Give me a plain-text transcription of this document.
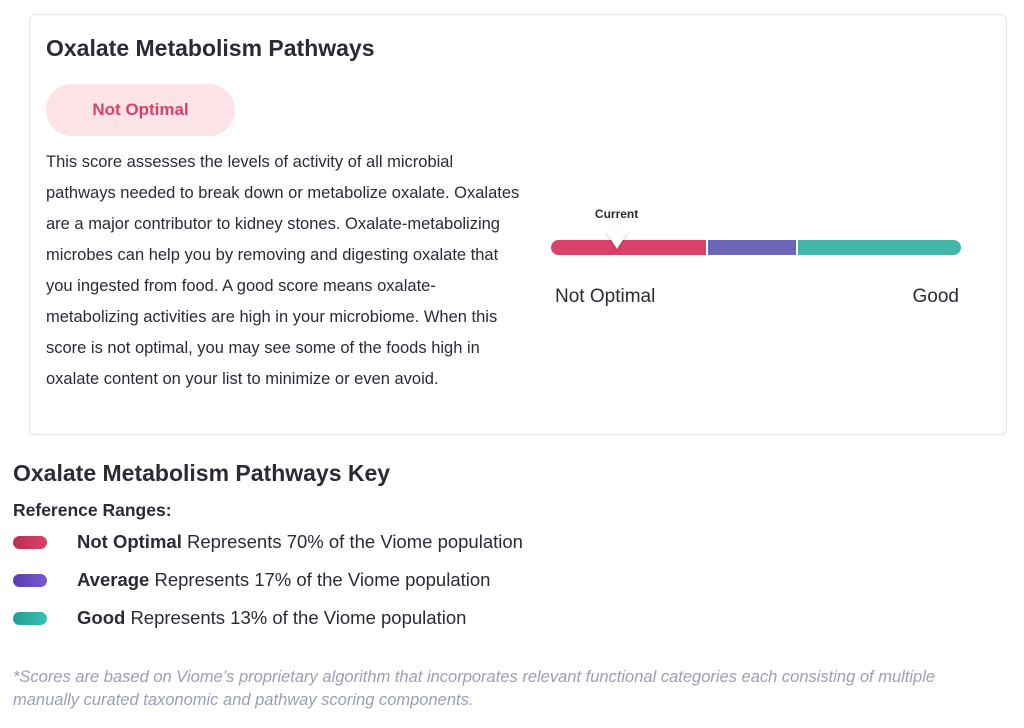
Oxalate Metabolism Pathways
Not Optimal

This score assesses the levels of activity of all microbial pathways needed to break down or metabolize oxalate. Oxalates are a major contributor to kidney stones. Oxalate-metabolizing microbes can help you by removing and digesting oxalate that you ingested from food. A good score means oxalate-metabolizing activities are high in your microbiome. When this score is not optimal, you may see some of the foods high in oxalate content on your list to minimize or even avoid.

Current
Not Optimal	Good
Oxalate Metabolism Pathways Key
Reference Ranges:
Not Optimal Represents 70% of the Viome population
Average Represents 17% of the Viome population
Good Represents 13% of the Viome population

*Scores are based on Viome’s proprietary algorithm that incorporates relevant functional categories each consisting of multiple manually curated taxonomic and pathway scoring components.
